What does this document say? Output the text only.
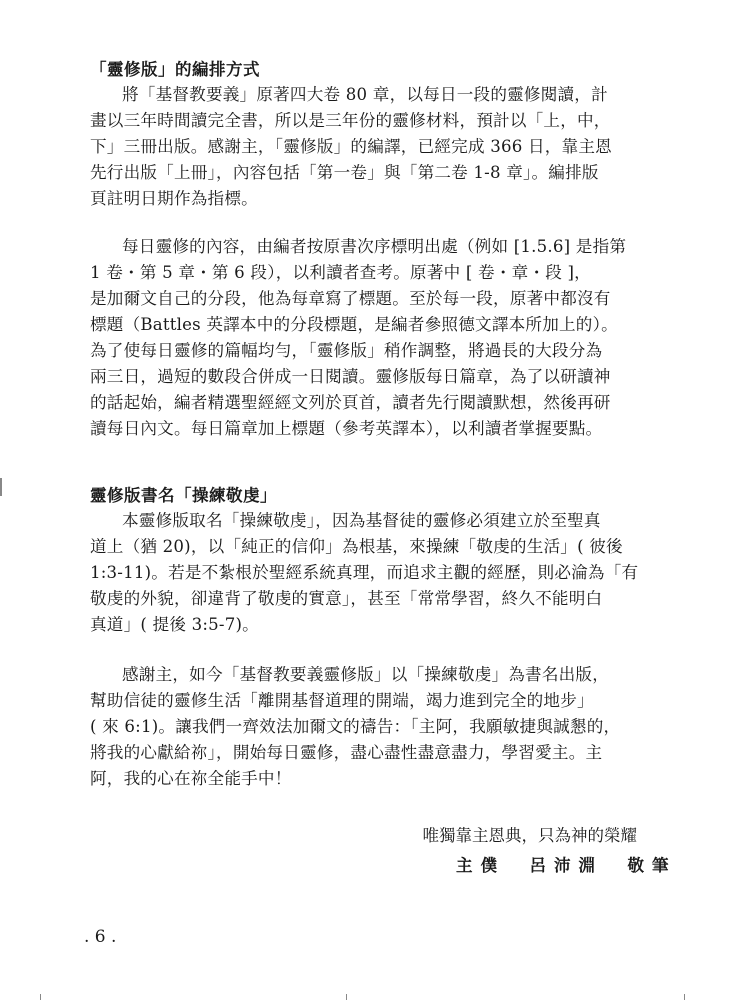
「靈修版」的編排方式
將「基督教要義」原著四大卷 80 章，以每日一段的靈修閱讀，計
畫以三年時間讀完全書，所以是三年份的靈修材料，預計以「上，中，
下」三冊出版。感謝主，「靈修版」的編譯，已經完成 366 日，靠主恩
先行出版「上冊」，內容包括「第一卷」與「第二卷 1-8 章」。編排版
頁註明日期作為指標。
每日靈修的內容，由編者按原書次序標明出處（例如 [1.5.6] 是指第
1 卷・第 5 章・第 6 段），以利讀者查考。原著中 [ 卷・章・段 ]，
是加爾文自己的分段，他為每章寫了標題。至於每一段，原著中都沒有
標題（Battles 英譯本中的分段標題，是編者參照德文譯本所加上的）。
為了使每日靈修的篇幅均勻，「靈修版」稍作調整，將過長的大段分為
兩三日，過短的數段合併成一日閱讀。靈修版每日篇章，為了以研讀神
的話起始，編者精選聖經經文列於頁首，讀者先行閱讀默想，然後再研
讀每日內文。每日篇章加上標題（參考英譯本），以利讀者掌握要點。
靈修版書名「操練敬虔」
本靈修版取名「操練敬虔」，因為基督徒的靈修必須建立於至聖真
道上（猶 20)，以「純正的信仰」為根基，來操練「敬虔的生活」( 彼後
1:3-11)。若是不紮根於聖經系統真理，而追求主觀的經歷，則必淪為「有
敬虔的外貌，卻違背了敬虔的實意」，甚至「常常學習，終久不能明白
真道」( 提後 3:5-7)。
感謝主，如今「基督教要義靈修版」以「操練敬虔」為書名出版，
幫助信徒的靈修生活「離開基督道理的開端，竭力進到完全的地步」
( 來 6:1)。讓我們一齊效法加爾文的禱告：「主阿，我願敏捷與誠懇的，
將我的心獻給祢」，開始每日靈修，盡心盡性盡意盡力，學習愛主。主
阿，我的心在祢全能手中！
唯獨靠主恩典，只為神的榮耀
主僕　呂沛淵　敬筆
. 6 .
